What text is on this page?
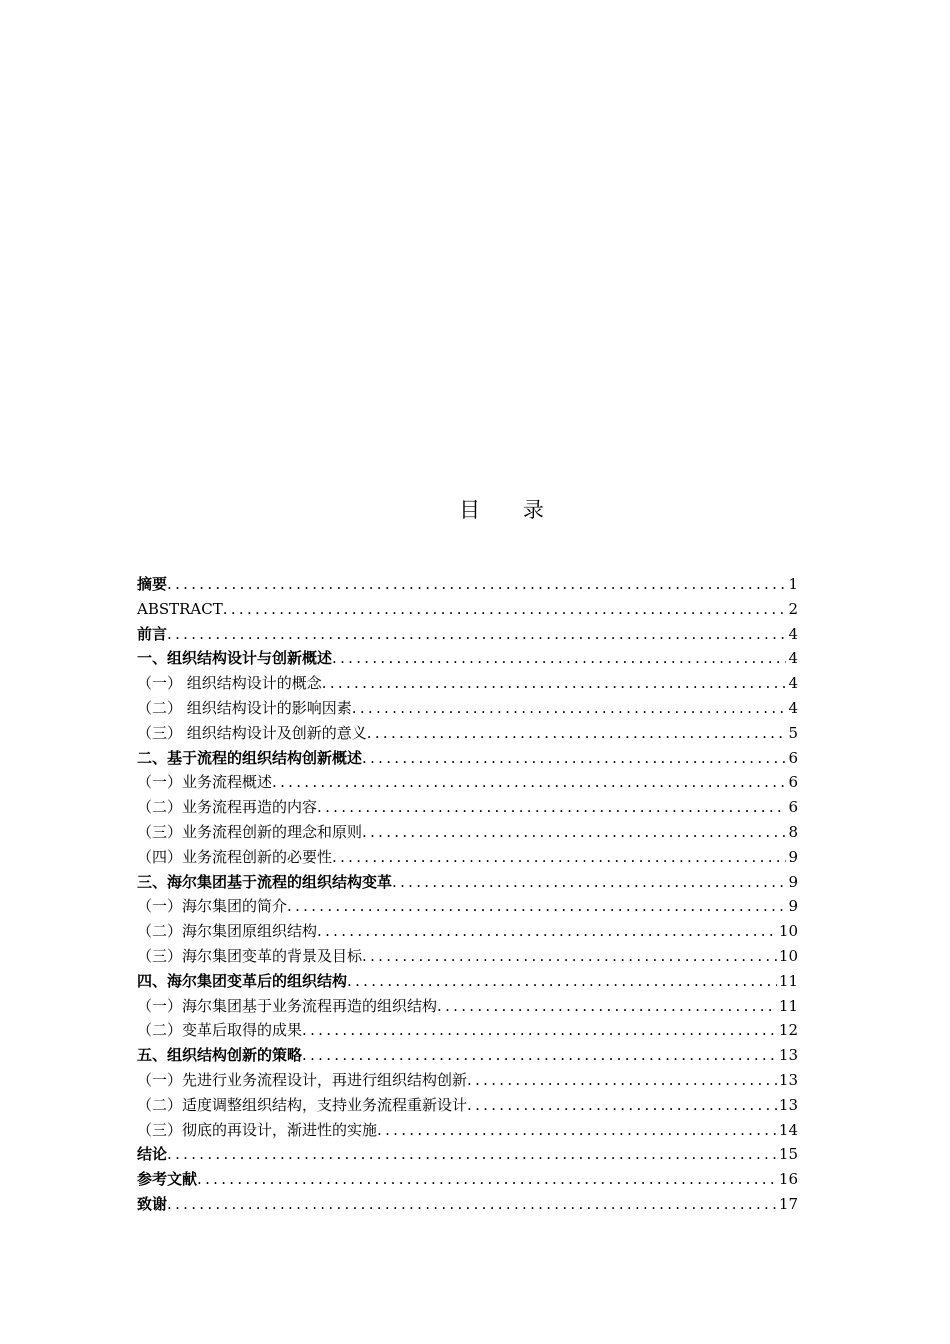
目 录
摘要 .....	1
ABSTRACT .....	2
前言 .....	4
一、组织结构设计与创新概述 .....	4
（一） 组织结构设计的概念 .....	4
（二） 组织结构设计的影响因素 .....	4
（三） 组织结构设计及创新的意义 .....	5
二、基于流程的组织结构创新概述 .....	6
（一）业务流程概述 .....	6
（二）业务流程再造的内容 .....	6
（三）业务流程创新的理念和原则 .....	8
（四）业务流程创新的必要性 .....	9
三、海尔集团基于流程的组织结构变革 .....	9
（一）海尔集团的简介 .....	9
（二）海尔集团原组织结构 .....	10
（三）海尔集团变革的背景及目标 .....	10
四、海尔集团变革后的组织结构 .....	11
（一）海尔集团基于业务流程再造的组织结构 .....	11
（二）变革后取得的成果 .....	12
五、组织结构创新的策略 .....	13
（一）先进行业务流程设计，再进行组织结构创新 .....	13
（二）适度调整组织结构，支持业务流程重新设计 .....	13
（三）彻底的再设计，渐进性的实施 .....	14
结论 .....	15
参考文献 .....	16
致谢 .....	17
